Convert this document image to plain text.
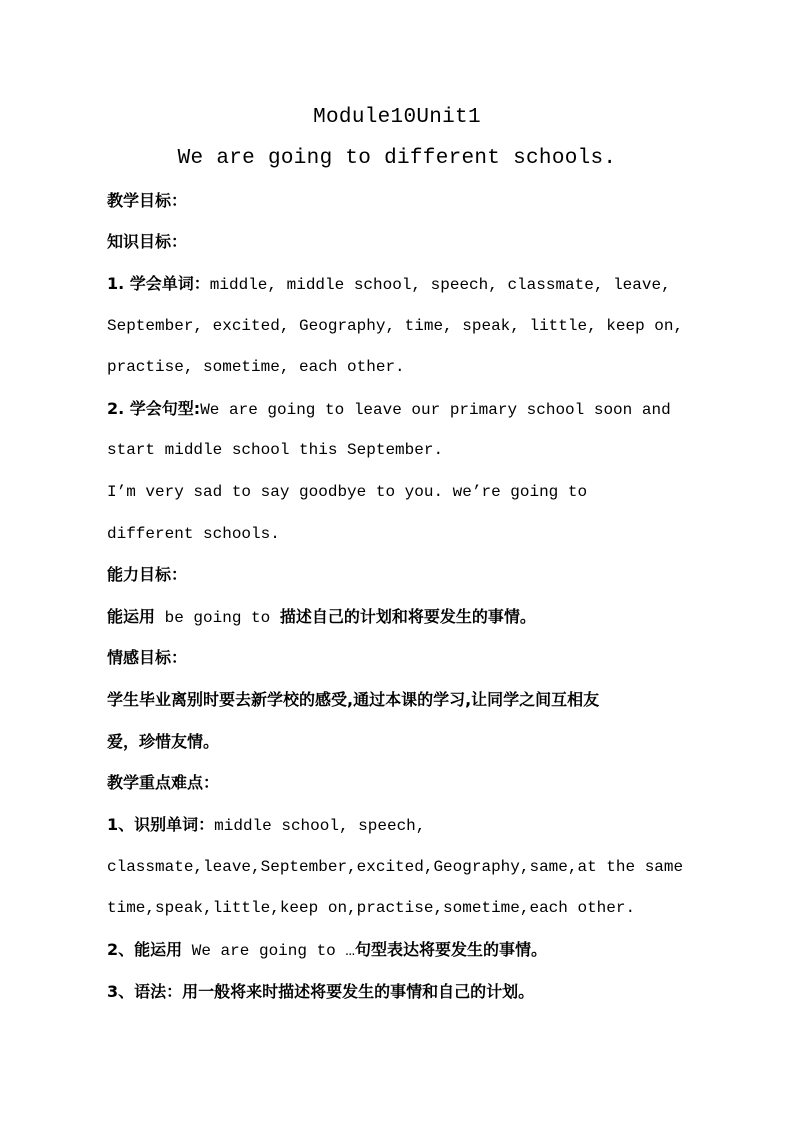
Module10Unit1
We are going to different schools.
教学目标：
知识目标：
1. 学会单词：middle, middle school, speech, classmate, leave,
September, excited, Geography, time, speak, little, keep on,
practise, sometime, each other.
2. 学会句型:We are going to leave our primary school soon and
start middle school this September.
I’m very sad to say goodbye to you. we’re going to
different schools.
能力目标：
能运用 be going to 描述自己的计划和将要发生的事情。
情感目标：
学生毕业离别时要去新学校的感受,通过本课的学习,让同学之间互相友
爱，珍惜友情。
教学重点难点：
1、识别单词：middle school, speech,
classmate,leave,September,excited,Geography,same,at the same
time,speak,little,keep on,practise,sometime,each other.
2、能运用 We are going to …句型表达将要发生的事情。
3、语法：用一般将来时描述将要发生的事情和自己的计划。
